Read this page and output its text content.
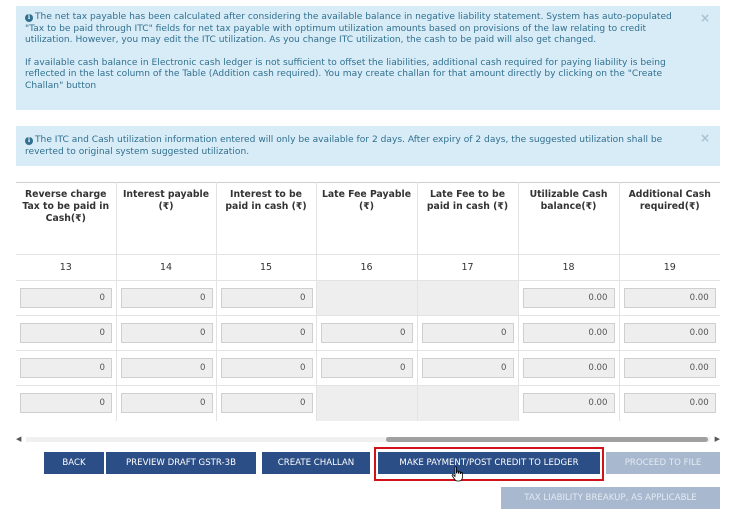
i The net tax payable has been calculated after considering the available balance in negative liability statement. System has auto-populated "Tax to be paid through ITC" fields for net tax payable with optimum utilization amounts based on provisions of the law relating to credit utilization. However, you may edit the ITC utilization. As you change ITC utilization, the cash to be paid will also get changed.

If available cash balance in Electronic cash ledger is not sufficient to offset the liabilities, additional cash required for paying liability is being reflected in the last column of the Table (Addition cash required). You may create challan for that amount directly by clicking on the "Create Challan" button

×

i The ITC and Cash utilization information entered will only be available for 2 days. After expiry of 2 days, the suggested utilization shall be reverted to original system suggested utilization.

×
Reverse charge Tax to be paid in Cash(₹)	Interest payable (₹)	Interest to be paid in cash (₹)	Late Fee Payable (₹)	Late Fee to be paid in cash (₹)	Utilizable Cash balance(₹)	Additional Cash required(₹)
13	14	15	16	17	18	19

0	0	0			0.00	0.00

0	0	0	0	0	0.00	0.00

0	0	0	0	0	0.00	0.00

0	0	0			0.00	0.00
◀	▶
BACK	PREVIEW DRAFT GSTR-3B	CREATE CHALLAN	MAKE PAYMENT/POST CREDIT TO LEDGER	PROCEED TO FILE
TAX LIABILITY BREAKUP, AS APPLICABLE
